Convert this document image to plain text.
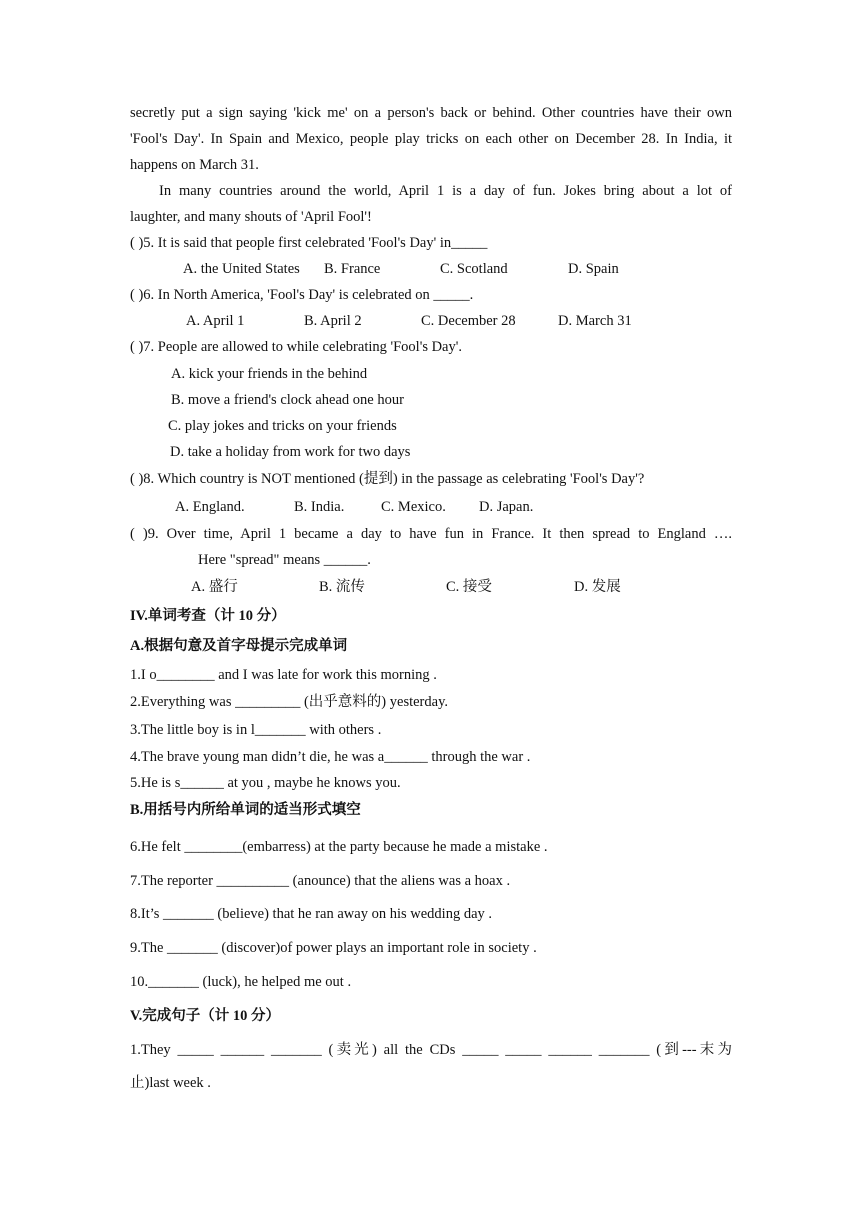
secretly put a sign saying 'kick me' on a person's back or behind. Other countries have their own
'Fool's Day'. In Spain and Mexico, people play tricks on each other on December 28. In India, it
happens on March 31.
In many countries around the world, April 1 is a day of fun. Jokes bring about a lot of
laughter, and many shouts of 'April Fool'!
( )5. It is said that people first celebrated 'Fool's Day' in_____
A. the United States B. France	C. Scotland	D. Spain
( )6. In North America, 'Fool's Day' is celebrated on _____.
A. April 1	B. April 2	C. December 28	D. March 31
( )7. People are allowed to while celebrating 'Fool's Day'.
A. kick your friends in the behind
B. move a friend's clock ahead one hour
C. play jokes and tricks on your friends
D. take a holiday from work for two days
( )8. Which country is NOT mentioned (提到) in the passage as celebrating 'Fool's Day'?
A. England.	B. India.	C. Mexico. D. Japan.
( )9. Over time, April 1 became a day to have fun in France. It then spread to England ….
Here "spread" means ______.
A. 盛行	B. 流传	C. 接受	D. 发展
IV.单词考查（计 10 分）
A.根据句意及首字母提示完成单词
1.I o________ and I was late for work this morning .
2.Everything was _________ (出乎意料的) yesterday.
3.The little boy is in l_______ with others .
4.The brave young man didn’t die, he was a______ through the war .
5.He is s______ at you , maybe he knows you.
B.用括号内所给单词的适当形式填空
6.He felt ________(embarress) at the party because he made a mistake .
7.The reporter __________ (anounce) that the aliens was a hoax .
8.It’s _______ (believe) that he ran away on his wedding day .
9.The _______ (discover)of power plays an important role in society .
10._______ (luck), he helped me out .
V.完成句子（计 10 分）
1.They _____ ______ _______ (卖光) all the CDs _____ _____ ______ _______ (到---末为
止)last week .
